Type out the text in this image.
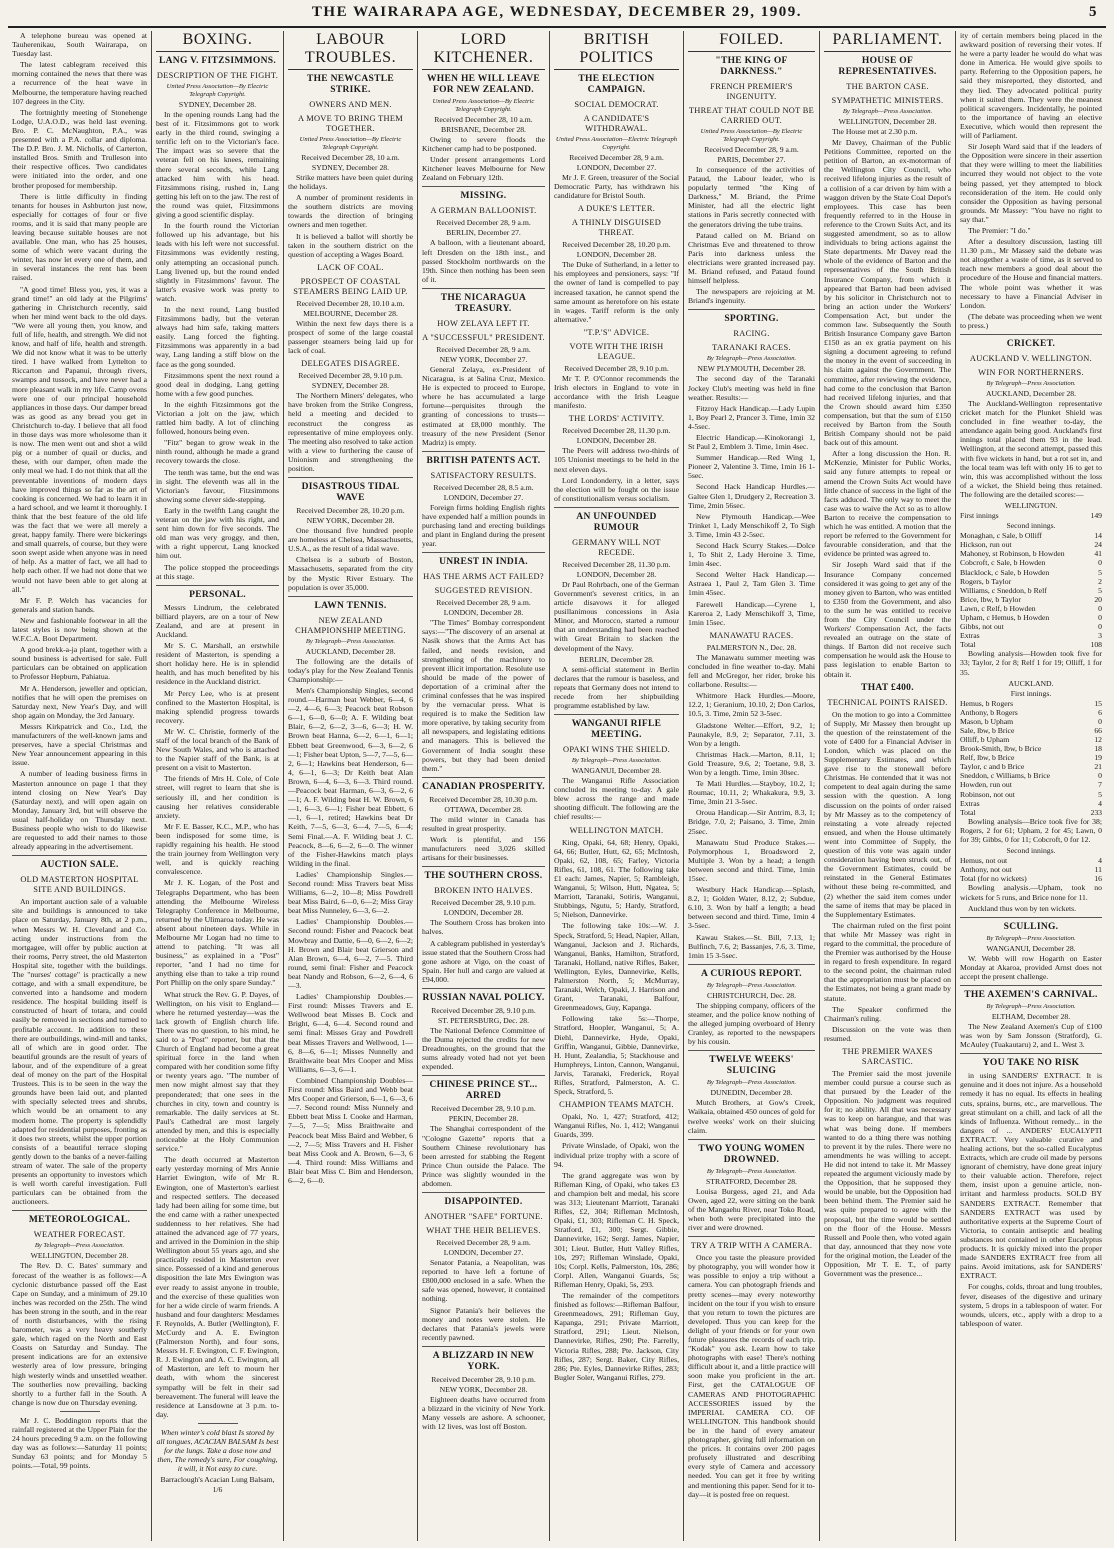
THE WAIRARAPA AGE, WEDNESDAY, DECEMBER 29, 1909.	5

A telephone bureau was opened at Tauherenikau, South Wairarapa, on Tuesday last.

The latest cablegram received this morning contained the news that there was a recurrence of the heat wave in Melbourne, the temperature having reached 107 degrees in the City.

The fortnightly meeting of Stonehenge Lodge, U.A.O.D., was held last evening. Bro. P. C. McNaughton, P.A., was presented with a P.A. collar and diploma. The D.P. Bro. J. M. Nicholls, of Carterton, installed Bros. Smith and Trulleson into their respective offices. Two candidates were initiated into the order, and one brother proposed for membership.

There is little difficulty in finding tenants for houses in Ashburton just now, especially for cottages of four or five rooms, and it is said that many people are leaving because suitable houses are not available. One man, who has 25 houses, some of which were vacant during the winter, has now let every one of them, and in several instances the rent has been raised.

"A good time! Bless you, yes, it was a grand time!" an old lady at the Pilgrims' gathering in Christchurch recently, said when her mind went back to the old days. "We were all young then, you know, and full of life, health, and strength. We did not know, and half of life, health and strength. We did not know what it was to be utterly tired. I have walked from Lyttelton to Riccarton and Papanui, through rivers, swamps and tussock, and have never had a more pleasant walk in my life. Camp ovens were one of our principal household appliances in those days. Our damper bread was as good as any bread you get in Christchurch to-day. I believe that all food in those days was more wholesome than it is now. The men went out and shot a wild pig or a number of quail or ducks, and these, with our damper, often made the only meal we had. I do not think that all the preventable inventions of modern days have improved things so far as the art of cooking is concerned. We had to learn it in a hard school, and we learnt it thoroughly. I think that the best feature of the old life was the fact that we were all merely a great, happy family. There were bickerings and small quarrels, of course, but they were soon swept aside when anyone was in need of help. As a matter of fact, we all had to help each other. If we had not done that we would not have been able to get along at all."

Mr F. P. Welch has vacancies for generals and station hands.

New and fashionable footwear in all the latest styles is now being shown at the W.F.C.A. Boot Department.

A good brekk-a-ja plant, together with a sound business is advertised for sale. Full particulars can be obtained on application to Professor Hepburn, Pahiatua.

Mr A. Henderson, jeweller and optician, notifies that he will open the premises on Saturday next, New Year's Day, and will shop again on Monday, the 3rd January.

Messrs Kirkpatrick and Co., Ltd, the manufacturers of the well-known jams and preserves, have a special Christmas and New Year announcement appearing in this issue.

A number of leading business firms in Masterton announce on page 1 that they intend closing on New Year's Day (Saturday next), and will open again on Monday, January 3rd, but will observe the usual half-holiday on Thursday next. Business people who wish to do likewise are requested to add their names to those already appearing in the advertisement.

AUCTION SALE.
OLD MASTERTON HOSPITAL SITE AND BUILDINGS.

An important auction sale of a valuable site and buildings is announced to take place on Saturday, January 8th, at 2 p.m., when Messrs W. H. Cleveland and Co. acting under instructions from the mortgagee, will offer by public auction at their rooms, Perry street, the old Masterton Hospital site, together with the buildings. The "nurses' cottage" is practically a new cottage, and with a small expenditure, be converted into a handsome and modern residence. The hospital building itself is constructed of heart of totara, and could easily be removed in sections and turned to profitable account. In addition to these there are outbuildings, wind-mill and tanks, all of which are in good order. The beautiful grounds are the result of years of labour, and of the expenditure of a great deal of money on the part of the Hospital Trustees. This is to be seen in the way the grounds have been laid out, and planted with specially selected trees and shrubs, which would be an ornament to any modern home. The property is splendidly adapted for residential purposes, fronting as it does two streets, whilst the upper portion consists of a beautiful terrace sloping gently down to the banks of a never-failing stream of water. The sale of the property presents an opportunity to investors which is well worth careful investigation. Full particulars can be obtained from the auctioneers.

METEOROLOGICAL.
WEATHER FORECAST.
By Telegraph—Press Association.
WELLINGTON, December 28.

The Rev. D. C. Bates' summary and forecast of the weather is as follows:—A cyclonic disturbance passed off the East Cape on Sunday, and a minimum of 29.10 inches was recorded on the 25th. The wind has been strong in the south, and in the rear of north disturbances, with the rising barometer, was a very heavy southerly gale, which raged on the North and East Coasts on Saturday and Sunday. The present indications are for an extensive westerly area of low pressure, bringing high westerly winds and unsettled weather. The southerlies now prevailing, backing shortly to a further fall in the South. A change is now due on Thursday evening.

Mr J. C. Boddington reports that the rainfall registered at the Upper Plain for the 24 hours preceding 9 a.m. on the following day was as follows:—Saturday 11 points; Sunday 63 points; and for Monday 5 points.—Total, 99 points.

BOXING.
LANG V. FITZSIMMONS.
DESCRIPTION OF THE FIGHT.
United Press Association—By Electric Telegraph Copyright.
SYDNEY, December 28.

In the opening rounds Lang had the best of it. Fitzsimmons got to work early in the third round, swinging a terrific left on to the Victorian's face. The impact was so severe that the veteran fell on his knees, remaining there several seconds, while Lang attacked him with his head. Fitzsimmons rising, rushed in, Lang getting his left on to the jaw. The rest of the round was quiet, Fitzsimmons giving a good scientific display.

In the fourth round the Victorian followed up his advantage, but his leads with his left were not successful. Fitzsimmons was evidently resting, only attempting an occasional punch. Lang livened up, but the round ended slightly in Fitzsimmons' favour. The latter's evasive work was pretty to watch.

In the next round, Lang bustled Fitzsimmons badly, but the veteran always had him safe, taking matters easily. Lang forced the fighting. Fitzsimmons was apparently in a bad way, Lang landing a stiff blow on the face as the gong sounded.

Fitzsimmons spent the next round a good deal in dodging, Lang getting home with a few good punches.

In the eighth Fitzsimmons got the Victorian a jolt on the jaw, which rattled him badly. A lot of clinching followed, honours being even.

"Fitz" began to grow weak in the ninth round, although he made a grand recovery towards the close.

The tenth was tame, but the end was in sight. The eleventh was all in the Victorian's favour, Fitzsimmons showing some clever side-stepping.

Early in the twelfth Lang caught the veteran on the jaw with his right, and sent him down for five seconds. The old man was very groggy, and then, with a right uppercut, Lang knocked him out.

The police stopped the proceedings at this stage.

PERSONAL.

Messrs Lindrum, the celebrated billiard players, are on a tour of New Zealand, and are at present in Auckland.

Mr S. C. Marshall, an erstwhile resident of Masterton, is spending a short holiday here. He is in splendid health, and has much benefited by his residence in the Auckland district.

Mr Percy Lee, who is at present confined to the Masterton Hospital, is making splendid progress towards recovery.

Mr W. C. Christie, formerly of the staff of the local branch of the Bank of New South Wales, and who is attached to the Napier staff of the Bank, is at present on a visit to Masterton.

The friends of Mrs H. Cole, of Cole street, will regret to learn that she is seriously ill, and her condition is causing her relatives considerable anxiety.

Mr F. E. Basser, K.C., M.P., who has been indisposed for some time, is rapidly regaining his health. He stood the train journey from Wellington very well, and is quickly reaching convalescence.

Mr J. K. Logan, of the Post and Telegraphs Department, who has been attending the Melbourne Wireless Telegraphy Conference in Melbourne, returned by the Ulimaroa today. He was absent about nineteen days. While in Melbourne Mr Logan had no time to attend to patching. "It was all business," as explained in a "Post" reporter, "and I had no time for anything else than to take a trip round Port Phillip on the only spare Sunday."

What struck the Rev. G. P. Dayes, of Wellington, on his visit to England—where he returned yesterday—was the lack growth of English church life. There was no question, to his mind, he said to a "Post" reporter, but that the Church of England had become a great spiritual force in the land when compared with her condition some fifty or twenty years ago. "The number of men now might almost say that they preponderated; that one sees in the churches in city, town and country is remarkable. The daily services at St. Paul's Cathedral are most largely attended by men, and this is especially noticeable at the Holy Communion service."

The death occurred at Masterton early yesterday morning of Mrs Annie Harriet Ewington, wife of Mr R. Ewington, one of Masterton's earliest and respected settlers. The deceased lady had been ailing for some time, but the end came with a rather unexpected suddenness to her relatives. She had attained the advanced age of 77 years, and arrived in the Dominion in the ship Wellington about 55 years ago, and she practically resided in Masterton ever since. Possessed of a kind and generous disposition the late Mrs Ewington was ever ready to assist anyone in trouble, and the exercise of these qualities won for her a wide circle of warm friends. A husband and four daughters: Mesdames F. Reynolds, A. Butler (Wellington), F. McCurdy and A. E. Ewington (Palmerston North), and four sons, Messrs H. F. Ewington, C. F. Ewington, R. J. Ewington and A. C. Ewington, all of Masterton, are left to mourn her death, with whom the sincerest sympathy will be felt in their sad bereavement. The funeral will leave the residence at Lansdowne at 3 p.m. to-day.

When winter's cold blast Is stored by all tongues, ACACIAN BALSAM Is best for the lungs. Take a dose now and then, The remedy's sure, For coughing, it will, it Not easy to cure.

Barraclough's Acacian Lung Balsam, 1/6

LABOUR TROUBLES.
THE NEWCASTLE STRIKE.
OWNERS AND MEN.
A MOVE TO BRING THEM TOGETHER.
United Press Association—By Electric Telegraph Copyright.
Received December 28, 10 a.m.
SYDNEY, December 28.

Strike matters have been quiet during the holidays.

A number of prominent residents in the southern districts are moving towards the direction of bringing owners and men together.

It is believed a ballot will shortly be taken in the southern district on the question of accepting a Wages Board.

LACK OF COAL.
PROSPECT OF COASTAL STEAMERS BEING LAID UP.
Received December 28, 10.10 a.m.
MELBOURNE, December 28.

Within the next few days there is a prospect of some of the large coastal passenger steamers being laid up for lack of coal.

DELEGATES DISAGREE.
Received December 28, 9.10 p.m.
SYDNEY, December 28.

The Northern Miners' delegates, who have broken from the Strike Congress, held a meeting and decided to reconstruct the congress as representative of mine employees only. The meeting also resolved to take action with a view to furthering the cause of Unionism and strengthening the position.

DISASTROUS TIDAL WAVE
Received December 28, 10.20 p.m.
NEW YORK, December 28.

One thousand five hundred people are homeless at Chelsea, Massachusetts, U.S.A., as the result of a tidal wave.

Chelsea is a suburb of Boston, Massachusetts, separated from the city by the Mystic River Estuary. The population is over 35,000.

LAWN TENNIS.
NEW ZEALAND CHAMPIONSHIP MEETING.
By Telegraph—Press Association.
AUCKLAND, December 28.

The following are the details of today's play for the New Zealand Tennis Championship:—

Men's Championship Singles, second round.—Harman beat Webber, 6—4, 6—2, 4—6, 6—3; Peacock beat Robson 6—1, 6—0, 6—0; A. F. Wilding beat Blair, 6—2, 6—2, 3—6, 6—3; H. W. Brown beat Hanna, 6—2, 6—1, 6—1; Ebbett beat Greenwood, 6—3, 6—2, 6—1; Fisher beat Upton, 5—7, 7—5, 6—2, 6—1; Hawkins beat Henderson, 6—4, 6—1, 6—3; Dr Keith beat Alan Brown, 6—4, 6—3, 6—3. Third round.—Peacock beat Harman, 6—3, 6—2, 6—1; A. F. Wilding beat H. W. Brown, 6—1, 6—3, 6—1; Fisher beat Ebbett, 6—1, 6—1, retired; Hawkins beat Dr Keith, 7—5, 6—3, 6—4, 7—5, 6—4; Semi Final.—A. F. Wilding beat J. C. Peacock, 8—6, 6—2, 6—0. The winner of the Fisher-Hawkins match plays Wilding in the final.

Ladies' Championship Singles.—Second round: Miss Travers beat Miss Williams, 6—2, 10—8; Miss Powdrell beat Miss Baird, 6—0, 6—2; Miss Gray beat Miss Nunneley, 6—3, 6—2.

Ladies' Championship Doubles.—Second round: Fisher and Peacock beat Mowbray and Dattie, 6—0, 6—2, 6—2; H. Brown and Blair beat Grierson and Alan Brown, 6—4, 6—2, 7—5. Third round, semi final: Fisher and Peacock beat Nandy and Robson, 6—2, 6—4, 6—3.

Ladies' Championship Doubles.—First round: Misses Travers and E. Wellwood beat Misses B. Cock and Bright, 6—4, 6—4. Second round and semi final: Misses Gray and Powdrell beat Misses Travers and Wellwood, 1—6, 8—6, 6—1; Misses Nunnelly and Braithwaite beat Mrs Cooper and Miss Williams, 6—3, 6—1.

Combined Championship Doubles—First round: Miss Baird and Webb beat Mrs Cooper and Grierson, 6—1, 6—3, 6—7. Second round: Miss Nunnely and Ebbett beat Miss I. Cooke and Harman, 7—5, 7—5; Miss Braithwaite and Peacock beat Miss Baird and Webber, 6—2, 7—5; Miss Travers and H. Fisher beat Miss Cook and A. Brown, 6—3, 6—4. Third round: Miss Williams and Blair beat Miss C. Bim and Henderson, 6—2, 6—0.

LORD KITCHENER.
WHEN HE WILL LEAVE FOR NEW ZEALAND.
United Press Association—By Electric Telegraph Copyright.
Received December 28, 10 a.m.
BRISBANE, December 28.

Owing to severe floods the Kitchener camp had to be postponed.

Under present arrangements Lord Kitchener leaves Melbourne for New Zealand on February 12th.

MISSING.
A GERMAN BALLOONIST.
Received December 28, 9 a.m.
BERLIN, December 27.

A balloon, with a lieutenant aboard, left Dresden on the 18th inst., and passed Stockholm northwards on the 19th. Since then nothing has been seen of it.

THE NICARAGUA TREASURY.
HOW ZELAYA LEFT IT.
A "SUCCESSFUL" PRESIDENT.
Received December 28, 9 a.m.
NEW YORK, December 27.

General Zelaya, ex-President of Nicaragua, is at Salina Cruz, Mexico. He is expected to proceed to Europe, where he has accumulated a large fortune—perquisites through the granting of concessions to trusts—estimated at £8,000 monthly. The treasury of the new President (Senor Madriz) is empty.

BRITISH PATENTS ACT.
SATISFACTORY RESULTS.
Received December 28, 8.5 a.m.
LONDON, December 27.

Foreign firms holding English rights have expended half a million pounds in purchasing land and erecting buildings and plant in England during the present year.

UNREST IN INDIA.
HAS THE ARMS ACT FAILED?
SUGGESTED REVISION.
Received December 28, 9 a.m.
LONDON, December 28.

"The Times" Bombay correspondent says:—"The discovery of an arsenal at Nasik shows that the Arms Act has failed, and needs revision, and strengthening of the machinery to prevent illicit importation. Resolute use should be made of the power of deportation of a criminal after the criminal confesses that he was inspired by the vernacular press. What is required is to make the Sedition law more operative, by taking security from all newspapers, and legislating editions and managers. This is believed the Government of India sought these powers, but they had been denied them."

CANADIAN PROSPERITY.
Received December 28, 10.30 p.m.
OTTAWA, December 28.

The mild winter in Canada has resulted in great prosperity.

Work is plentiful, and 156 manufacturers need 3,026 skilled artisans for their businesses.

THE SOUTHERN CROSS.
BROKEN INTO HALVES.
Received December 28, 9.10 p.m.
LONDON, December 28.

The Southern Cross has broken into halves.

A cablegram published in yesterday's issue stated that the Southern Cross had gone ashore at Vigo, on the coast of Spain. Her hull and cargo are valued at £94,000.

RUSSIAN NAVAL POLICY.
Received December 28, 9.10 p.m.
ST. PETERSBURG, Dec. 28.

The National Defence Committee of the Duma rejected the credits for new Dreadnoughts, on the ground that the sums already voted had not yet been expended.

CHINESE PRINCE ST... ARRED
Received December 28, 9.10 p.m.
PEKIN, December 28.

The Shanghai correspondent of the "Cologne Gazette" reports that a Southern Chinese revolutionary has been arrested for stabbing the Regent Prince Chun outside the Palace. The Prince was slightly wounded in the abdomen.

DISAPPOINTED.
ANOTHER "SAFE" FORTUNE.
WHAT THE HEIR BELIEVES.
Received December 28, 9 a.m.
LONDON, December 27.

Senator Patania, a Neapolitan, was reported to have left a fortune of £800,000 enclosed in a safe. When the safe was opened, however, it contained nothing.

Signor Patania's heir believes the money and notes were stolen. He declares that Patania's jewels were recently pawned.

A BLIZZARD IN NEW YORK.
Received December 28, 9.10 p.m.
NEW YORK, December 28.

Eighteen deaths have occurred from a blizzard in the vicinity of New York. Many vessels are ashore. A schooner, with 12 lives, was lost off Boston.

BRITISH POLITICS
THE ELECTION CAMPAIGN.
SOCIAL DEMOCRAT.
A CANDIDATE'S WITHDRAWAL.
United Press Association—Electric Telegraph Copyright.
Received December 28, 9 a.m.
LONDON, December 27.

Mr J. F. Green, treasurer of the Social Democratic Party, has withdrawn his candidature for Bristol South.

A DUKE'S LETTER.
A THINLY DISGUISED THREAT.
Received December 28, 10.20 p.m.
LONDON, December 28.

The Duke of Sutherland, in a letter to his employees and pensioners, says: "If the owner of land is compelled to pay increased taxation, he cannot spend the same amount as heretofore on his estate in wages. Tariff reform is the only alternative."

"T.P.'S" ADVICE.
VOTE WITH THE IRISH LEAGUE.
Received December 28, 9.10 p.m.

Mr T. P. O'Connor recommends the Irish electors in England to vote in accordance with the Irish League manifesto.

THE LORDS' ACTIVITY.
Received December 28, 11.30 p.m.
LONDON, December 28.

The Peers will address two-thirds of 105 Unionist meetings to be held in the next eleven days.

Lord Londonderry, in a letter, says the election will be fought on the issue of constitutionalism versus socialism.

AN UNFOUNDED RUMOUR
GERMANY WILL NOT RECEDE.
Received December 28, 11.30 p.m.
LONDON, December 28.

Dr Paul Rohrbach, one of the German Government's severest critics, in an article disavows it for alleged pusillanimous concessions in Asia Minor, and Morocco, started a rumour that an understanding had been reached with Great Britain to slacken the development of the Navy.

BERLIN, December 28.

A semi-official statement in Berlin declares that the rumour is baseless, and repeats that Germany does not intend to recede from her shipbuilding programme established by law.

WANGANUI RIFLE MEETING.
OPAKI WINS THE SHIELD.
By Telegraph—Press Association.
WANGANUI, December 28.

The Wanganui Rifle Association concluded its meeting to-day. A gale blew across the range and made shooting difficult. The following are the chief results:—

WELLINGTON MATCH.

King, Opaki, 64, 68; Henry, Opaki, 64, 66; Butler, Hutt, 62, 65; McIntosh, Opaki, 62, 108, 65; Farley, Victoria Rifles, 61, 108, 61. The following take £1 each: James, Napier, 5; Rambleigh, Wanganui, 5; Wilson, Hutt, Ngatea, 5; Marriott, Taranaki, Sotiris, Wanganui, Stubbings, Ngutu, 5; Hardy, Stratford, 5; Nielson, Dannevirke.

The following take 10s:—W. J. Speck, Stratford, 5; Head, Napier, Allan, Wanganui, Jackson and J. Richards, Wanganui, Banks, Hamilton, Stratford, Taranaki, Holland, native Rifles, Baker, Wellington, Eyles, Dannevirke, Kells, Palmerston North, 5; McMurray, Taranaki, Welch, Opaki, J. Harrison and Grant, Taranaki, Balfour, Greenmeadows, Guy, Kapanga.

Following take 5s:—Thorpe, Stratford, Hoopler, Wanganui, 5; A. Diehl, Dannevirke, Hyde, Opaki, Griffin, Wanganui, Gibbie, Dannevirke, H. Hunt, Zealandia, 5; Stackhouse and Humphreys, Linton, Cannon, Wanganui, Jarvis, Taranaki, Frederick, Royal Rifles, Stratford, Palmerston, A. C. Speck, Stratford, 5.

CHAMPION TEAMS MATCH.

Opaki, No. 1, 427; Stratford, 412; Wanganui Rifles, No. 1, 412; Wanganui Guards, 399.

Private Winslade, of Opaki, won the individual prize trophy with a score of 94.

The grand aggregate was won by Rifleman King, of Opaki, who takes £3 and champion belt and medal, his score was 313; Lieutenant Marriott, Taranaki Rifles, £2, 304; Rifleman McIntosh, Opaki, £1, 303; Rifleman C. H. Speck, Stratford, £1, 300; Sergt. Gibbie, Dannevirke, 162; Sergt. James, Napier, 301; Lieut. Butler, Hutt Valley Rifles, 10s, 297; Rifleman Winslade, Opaki, 10s; Corpl. Kells, Palmerston, 10s, 286; Corpl. Allen, Wanganui Guards, 5s; Rifleman Henry, Opaki, 5s, 293.

The remainder of the competitors finished as follows:—Rifleman Balfour, Greenmeadows, 291; Rifleman Guy, Kapanga, 291; Private Marriott, Stratford, 291; Lieut. Nielson, Dannevirke, Rifles, 290; Pte. Farrelly, Victoria Rifles, 288; Pte. Jackson, City Rifles, 287; Sergt. Baker, City Rifles, 286; Pte. Eyles, Dannevirke Rifles, 283; Bugler Soler, Wanganui Rifles, 279.

FOILED.
"THE KING OF DARKNESS."
FRENCH PREMIER'S INGENUITY.
THREAT THAT COULD NOT BE CARRIED OUT.
United Press Association—By Electric Telegraph Copyright.
Received December 28, 9 a.m.
PARIS, December 27.

In consequence of the activities of Pataud, the Labour leader, who is popularly termed "the King of Darkness," M. Briand, the Prime Minister, had all the electric light stations in Paris secretly connected with the generators driving the tube trains.

Pataud called on M. Briand on Christmas Eve and threatened to throw Paris into darkness unless the electricians were granted increased pay. M. Briand refused, and Pataud found himself helpless.

The newspapers are rejoicing at M. Briand's ingenuity.

SPORTING.
RACING.
TARANAKI RACES.
By Telegraph—Press Association.
NEW PLYMOUTH, December 28.

The second day of the Taranaki Jockey Club's meeting was held in fine weather. Results:—

Fitzroy Hack Handicap.—Lady Lupin 1, Boy Pearl 2, Prancer 3. Time, 1min 32 4-5sec.

Electric Handicap.—Kinokorangi 1, St Paul 2, Emblem 3. Time, 1min 4sec.

Summer Handicap.—Red Wing 1, Pioneer 2, Valentine 3. Time, 1min 16 1-5sec.

Second Hack Handicap Hurdles.—Galtee Glen 1, Drudgery 2, Recreation 3. Time, 2min 56sec.

New Plymouth Handicap.—Wee Trinket 1, Lady Menschikoff 2, To Sigh 3. Time, 1min 43 2-5sec.

Second Hack Scurry Stakes.—Dolce 1, To Shit 2, Lady Heroine 3. Time, 1min 4sec.

Second Welter Hack Handicap.—Astraea 1, Paul 2, Tam Glen 3. Time 1min 45sec.

Farewell Handicap.—Cyrene 1, Kareroa 2, Lady Menschikoff 3, Time, 1min 15sec.

MANAWATU RACES.
PALMERSTON N., Dec. 28.

The Manawatu summer meeting was concluded in fine weather to-day. Mahi fell and McGregor, her rider, broke his collarbone. Results:—

Whitmore Hack Hurdles.—Moore, 12.2, 1; Geranium, 10.10, 2; Don Carlos, 10.5, 3. Time, 2min 52 3-5sec.

Gladstone Welter.—Effort, 9.2, 1; Paunakyle, 8.9, 2; Separator, 7.11, 3. Won by a length.

Christmas Hack.—Marton, 8.11, 1; Gold Treasure, 9.6, 2; Toetane, 9.8, 3. Won by a length. Time, 1min 30sec.

Te Mati Hurdles.—Stayboy, 10.2, 1; Roumac, 10.11, 2; Whakakura, 9.9, 3. Time, 3min 21 3-5sec.

Oroua Handicap.—Sir Antrim, 8.3, 1; Bridge, 7.0, 2; Paisano, 3. Time, 2min 25sec.

Manawatu Stud Produce Stakes.—Polymorphous 1, Broadsword 2, Multiple 3. Won by a head; a length between second and third. Time, 1min 15sec.

Westbury Hack Handicap.—Splash, 8.2, 1; Golden Water, 8.12, 2; Subdue, 6.10, 3. Won by half a length; a head between second and third. Time, 1min 4 3-5sec.

Kawau Stakes.—St. Bill, 7.13, 1; Bulfinch, 7.6, 2; Bassanjes, 7.6, 3. Time, 1min 15 3-5sec.

A CURIOUS REPORT.
By Telegraph—Press Association.
CHRISTCHURCH, Dec. 28.

The shipping company, officers of the steamer, and the police know nothing of the alleged jumping overboard of Henry Cranley, as reported to the newspapers by his cousin.

TWELVE WEEKS' SLUICING
By Telegraph—Press Association.
DUNEDIN, December 28.

Mutch Brothers, at Gow's Creek, Waikaia, obtained 450 ounces of gold for twelve weeks' work on their sluicing claim.

TWO YOUNG WOMEN DROWNED.
By Telegraph—Press Association.
STRATFORD, December 28.

Louisa Burgess, aged 21, and Ada Owen, aged 22, were sitting on the bank of the Mangaehu River, near Toko Road, when both were precipitated into the river and were drowned.

TRY A TRIP WITH A CAMERA.

Once you taste the pleasure provided by photography, you will wonder how it was possible to enjoy a trip without a camera. You can photograph friends and pretty scenes—may every noteworthy incident on the tour if you wish to ensure that you return to town the pictures are developed. Thus you can keep for the delight of your friends or for your own future pleasures the records of each trip. "Kodak" you ask. Learn how to take photographs with ease! There's nothing difficult about it, and a little practice will soon make you proficient in the art. First, get the CATALOGUE OF CAMERAS AND PHOTOGRAPHIC ACCESSORIES issued by the IMPERIAL CAMERA CO. OF WELLINGTON. This handbook should be in the hand of every amateur photographer, giving full information on the prices. It contains over 200 pages profusely illustrated and describing every style of Camera and accessory needed. You can get it free by writing and mentioning this paper. Send for it to-day—it is posted free on request.

PARLIAMENT.
HOUSE OF REPRESENTATIVES.
THE BARTON CASE.
SYMPATHETIC MINISTERS.
By Telegraph—Press Association.
WELLINGTON, December 28.

The House met at 2.30 p.m.

Mr Davey, Chairman of the Public Petitions Committee, reported on the petition of Barton, an ex-motorman of the Wellington City Council, who received lifelong injuries as the result of a collision of a car driven by him with a waggon driven by the State Coal Depot's employees. This case has been frequently referred to in the House in reference to the Crown Suits Act, and its suggested amendment, so as to allow individuals to bring actions against the State departments. Mr Davey read the whole of the evidence of Barton and the representatives of the South British Insurance Company, from which it appeared that Barton had been advised by his solicitor in Christchurch not to bring an action under the Workers' Compensation Act, but under the common law. Subsequently the South British Insurance Company gave Barton £150 as an ex gratia payment on his signing a document agreeing to refund the money in the event of succeeding in his claim against the Government. The committee, after reviewing the evidence, had come to the conclusion that Barton had received lifelong injuries, and that the Crown should award him £350 compensation, but that the sum of £150 received by Barton from the South British Company should not be paid back out of this amount.

After a long discussion the Hon. R. McKenzie, Minister for Public Works, said any future attempts to repeal or amend the Crown Suits Act would have little chance of success in the light of the facts adduced. The only way to meet the case was to waive the Act so as to allow Barton to receive the compensation to which he was entitled. A motion that the report be referred to the Government for favourable consideration, and that the evidence be printed was agreed to.

Sir Joseph Ward said that if the Insurance Company concerned considered it was going to get any of the money given to Barton, who was entitled to £350 from the Government, and also to the sum he was entitled to receive from the City Council under the Workers' Compensation Act, the facts revealed an outrage on the state of things. If Barton did not receive such compensation he would ask the House to pass legislation to enable Barton to obtain it.

THAT £400.
TECHNICAL POINTS RAISED.

On the motion to go into a Committee of Supply, Mr Massey then brought up the question of the reinstatement of the vote of £400 for a Financial Adviser in London, which was placed on the Supplementary Estimates, and which gave rise to the stonewall before Christmas. He contended that it was not competent to deal again during the same session with the question. A long discussion on the points of order raised by Mr Massey as to the competency of reinstating a vote already rejected ensued, and when the House ultimately went into Committee of Supply, the question of this vote was again under consideration having been struck out, of the Government Estimates, could be reinstated in the General Estimates without these being re-committed, and (2) whether the said item comes under the same of items that may be placed in the Supplementary Estimates.

The chairman ruled on the first point that while Mr Massey was right in regard to the committal, the procedure of the Premier was authorised by the House in regard to fresh expenditure. In regard to the second point, the chairman ruled that the appropriation must be placed on the Estimates, not being a grant made by statute.

The Speaker confirmed the Chairman's ruling.

Discussion on the vote was then resumed.

THE PREMIER WAXES SARCASTIC.

The Premier said the most juvenile member could pursue a course such as that pursued by the Leader of the Opposition. No judgment was required for it; no ability. All that was necessary was to keep on harangue, and that was what was being done. If members wanted to do a thing there was nothing to prevent it by the rules. There were no amendments he was willing to accept. He did not intend to take it. Mr Massey repeated the argument viciously made by the Opposition, that he supposed they would be unable, but the Opposition had been behind them. The Premier said he was quite prepared to agree with the proposal, but the time would be settled on the floor of the House. Messrs Russell and Poole then, who voted again that day, announced that they now vote for the original motion, the Leader of the Opposition, Mr T. E. T., of party Government was the presence...

ity of certain members being placed in the awkward position of reversing their votes. If he were a party leader he would do what was done in America. He would give spoils to party. Referring to the Opposition papers, he said they misreported, they distorted, and they lied. They advocated political purity when it suited them. They were the meanest political scavengers. Incidentally, he pointed to the importance of having an elective Executive, which would then represent the will of Parliament.

Sir Joseph Ward said that if the leaders of the Opposition were sincere in their assertion that they were willing to meet the liabilities incurred they would not object to the vote being passed, yet they attempted to block reconsideration of the item. He could only consider the Opposition as having personal grounds. Mr Massey: "You have no right to say that."

The Premier: "I do."

After a desultory discussion, lasting till 11.30 p.m., Mr Massey said the debate was not altogether a waste of time, as it served to teach new members a good deal about the procedure of the House and financial matters. The whole point was whether it was necessary to have a Financial Adviser in London.

(The debate was proceeding when we went to press.)

CRICKET.
AUCKLAND V. WELLINGTON.
WIN FOR NORTHERNERS.
By Telegraph—Press Association.
AUCKLAND, December 28.

The Auckland-Wellington representative cricket match for the Plunket Shield was concluded in fine weather to-day, the attendance again being good. Auckland's first innings total placed them 93 in the lead. Wellington, at the second attempt, passed this with five wickets in hand, but a rot set in, and the local team was left with only 16 to get to win, this was accomplished without the loss of a wicket, the Shield being thus retained. The following are the detailed scores:—

WELLINGTON.
First innings	149
Second innings.
Monaghan, c Sale, b Olliff	14
Hickson, run out	24
Mahoney, st Robinson, b Howden	41
Cobcroft, c Sale, b Howden	0
Blacklock, c Sale, b Howden	5
Rogers, b Taylor	2
Williams, c Sneddon, b Relf	5
Brice, lbw, b Taylor	20
Lawn, c Relf, b Howden	0
Upham, c Hemus, b Howden	0
Gibbs, not out	0
Extras	3
Total	108

Bowling analysis—Howden took five for 33; Taylor, 2 for 8; Relf 1 for 19; Olliff, 1 for 35.

AUCKLAND.
First innings.
Hemus, b Rogers	15
Anthony, b Rogers	6
Mason, b Upham	0
Sale, lbw, b Brice	66
Olliff, b Upham	12
Brook-Smith, lbw, b Brice	18
Relf, lbw, b Brice	19
Taylor, c and b Brice	21
Sneddon, c Williams, b Brice	0
Howden, run out	7
Robinson, not out	5
Extras	4
Total	233

Bowling analysis—Brice took five for 38; Rogers, 2 for 61; Upham, 2 for 45; Lawn, 0 for 39; Gibbs, 0 for 11; Cobcroft, 0 for 12.

Second innings.
Hemus, not out	4
Anthony, not out	11
Total (for no wickets)	16

Bowling analysis.—Upham, took no wickets for 5 runs, and Brice none for 11.

Auckland thus won by ten wickets.

SCULLING.
By Telegraph—Press Association.
WANGANUI, December 28.

W. Webb will row Hogarth on Easter Monday at Akaroa, provided Arnst does not accept the present challenge.

THE AXEMEN'S CARNIVAL.
By Telegraph—Press Association.
ELTHAM, December 28.

The New Zealand Axemen's Cup of £100 was won by Sam Jonsson (Stratford), G. McAuley (Tuakautaru) 2, and L. West 3.

YOU TAKE NO RISK

in using SANDERS' EXTRACT. It is genuine and it does not injure. As a household remedy it has no equal. Its effects in healing cuts, sprains, burns, etc., are marvellous. The great stimulant on a chill, and lack of all the kinds of Influenza. Without remedy... in the dangers of ... ANDERS' EUCALYPTI EXTRACT. Very valuable curative and healing actions, but the so-called Eucalyptus Extracts, which are crude oil made by persons ignorant of chemistry, have done great injury to their valuable action. Therefore, reject them, insist upon a genuine article, non-irritant and harmless products. SOLD BY SANDERS EXTRACT. Remember that SANDERS EXTRACT was used by authoritative experts at the Supreme Court of Victoria, to contain antiseptic and healing substances not contained in other Eucalyptus products. It is quickly mixed into the proper made SANDERS EXTRACT free from all pains. Avoid imitations, ask for SANDERS' EXTRACT.

For coughs, colds, throat and lung troubles, fever, diseases of the digestive and urinary system, 5 drops in a tablespoon of water. For wounds, ulcers, etc., apply with a drop to a tablespoon of water.
